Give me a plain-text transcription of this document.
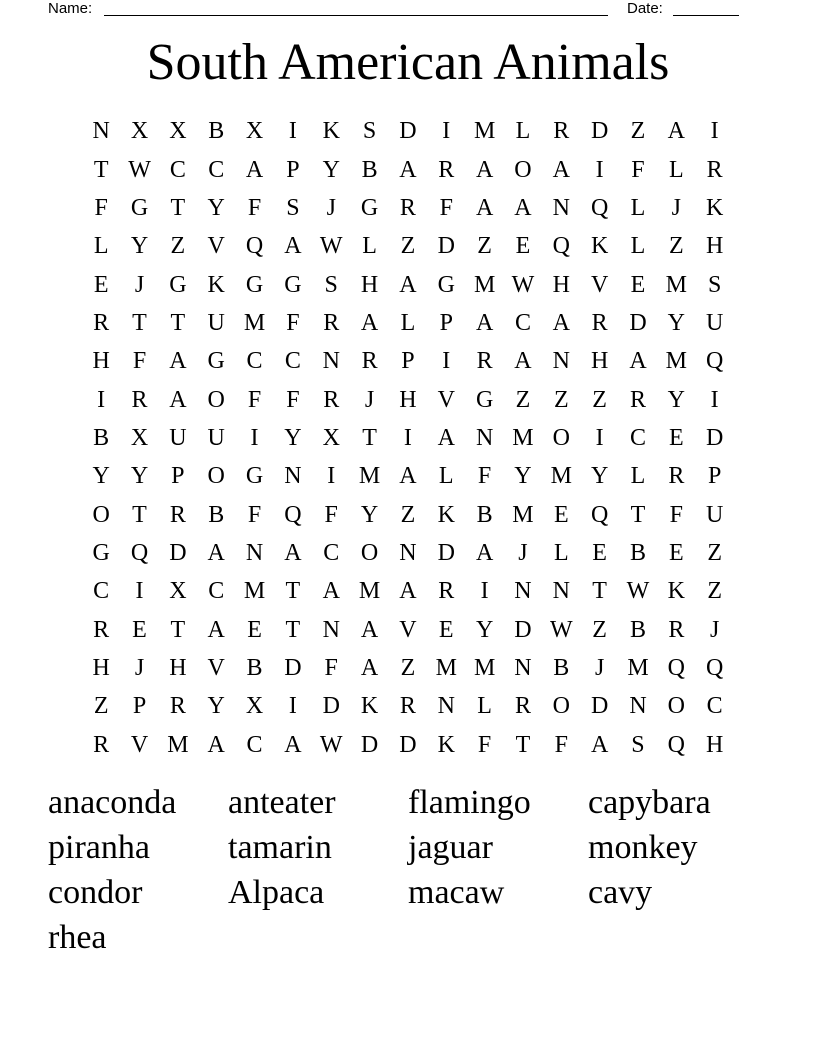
Name:	Date:
South American Animals
N X X B X	I	K S D	I M L R D Z A	I
T W C C A P Y B A R A O A	I	F	L R
F G T Y F	S	J	G R F A A N Q L	J	K
L Y Z V Q A W L Z D Z E Q K L Z H
E	J	G K G G S H A G M W H V E M S
R T T U M F R A L	P A C A R D Y U
H F A G C C N R P	I	R A N H A M Q
I	R A O F	F R	J	H V G Z Z Z R Y	I
B X U U	I	Y X T	I	A N M O	I	C E D
Y Y P O G N	I M A L	F Y M Y L R P
O T R B F Q F Y Z K B M E Q T	F U
G Q D A N A C O N D A	J	L E B E Z
C	I	X C M T A M A R	I	N N T W K Z
R E T A E T N A V E Y D W Z B R	J
H	J	H V B D F A Z M M N B	J M Q Q
Z	P R Y X	I	D K R N L R O D N O C
R V M A C A W D D K F	T	F A S Q H
anaconda	anteater	flamingo	capybara
piranha	tamarin	jaguar	monkey
condor	Alpaca	macaw	cavy
rhea
